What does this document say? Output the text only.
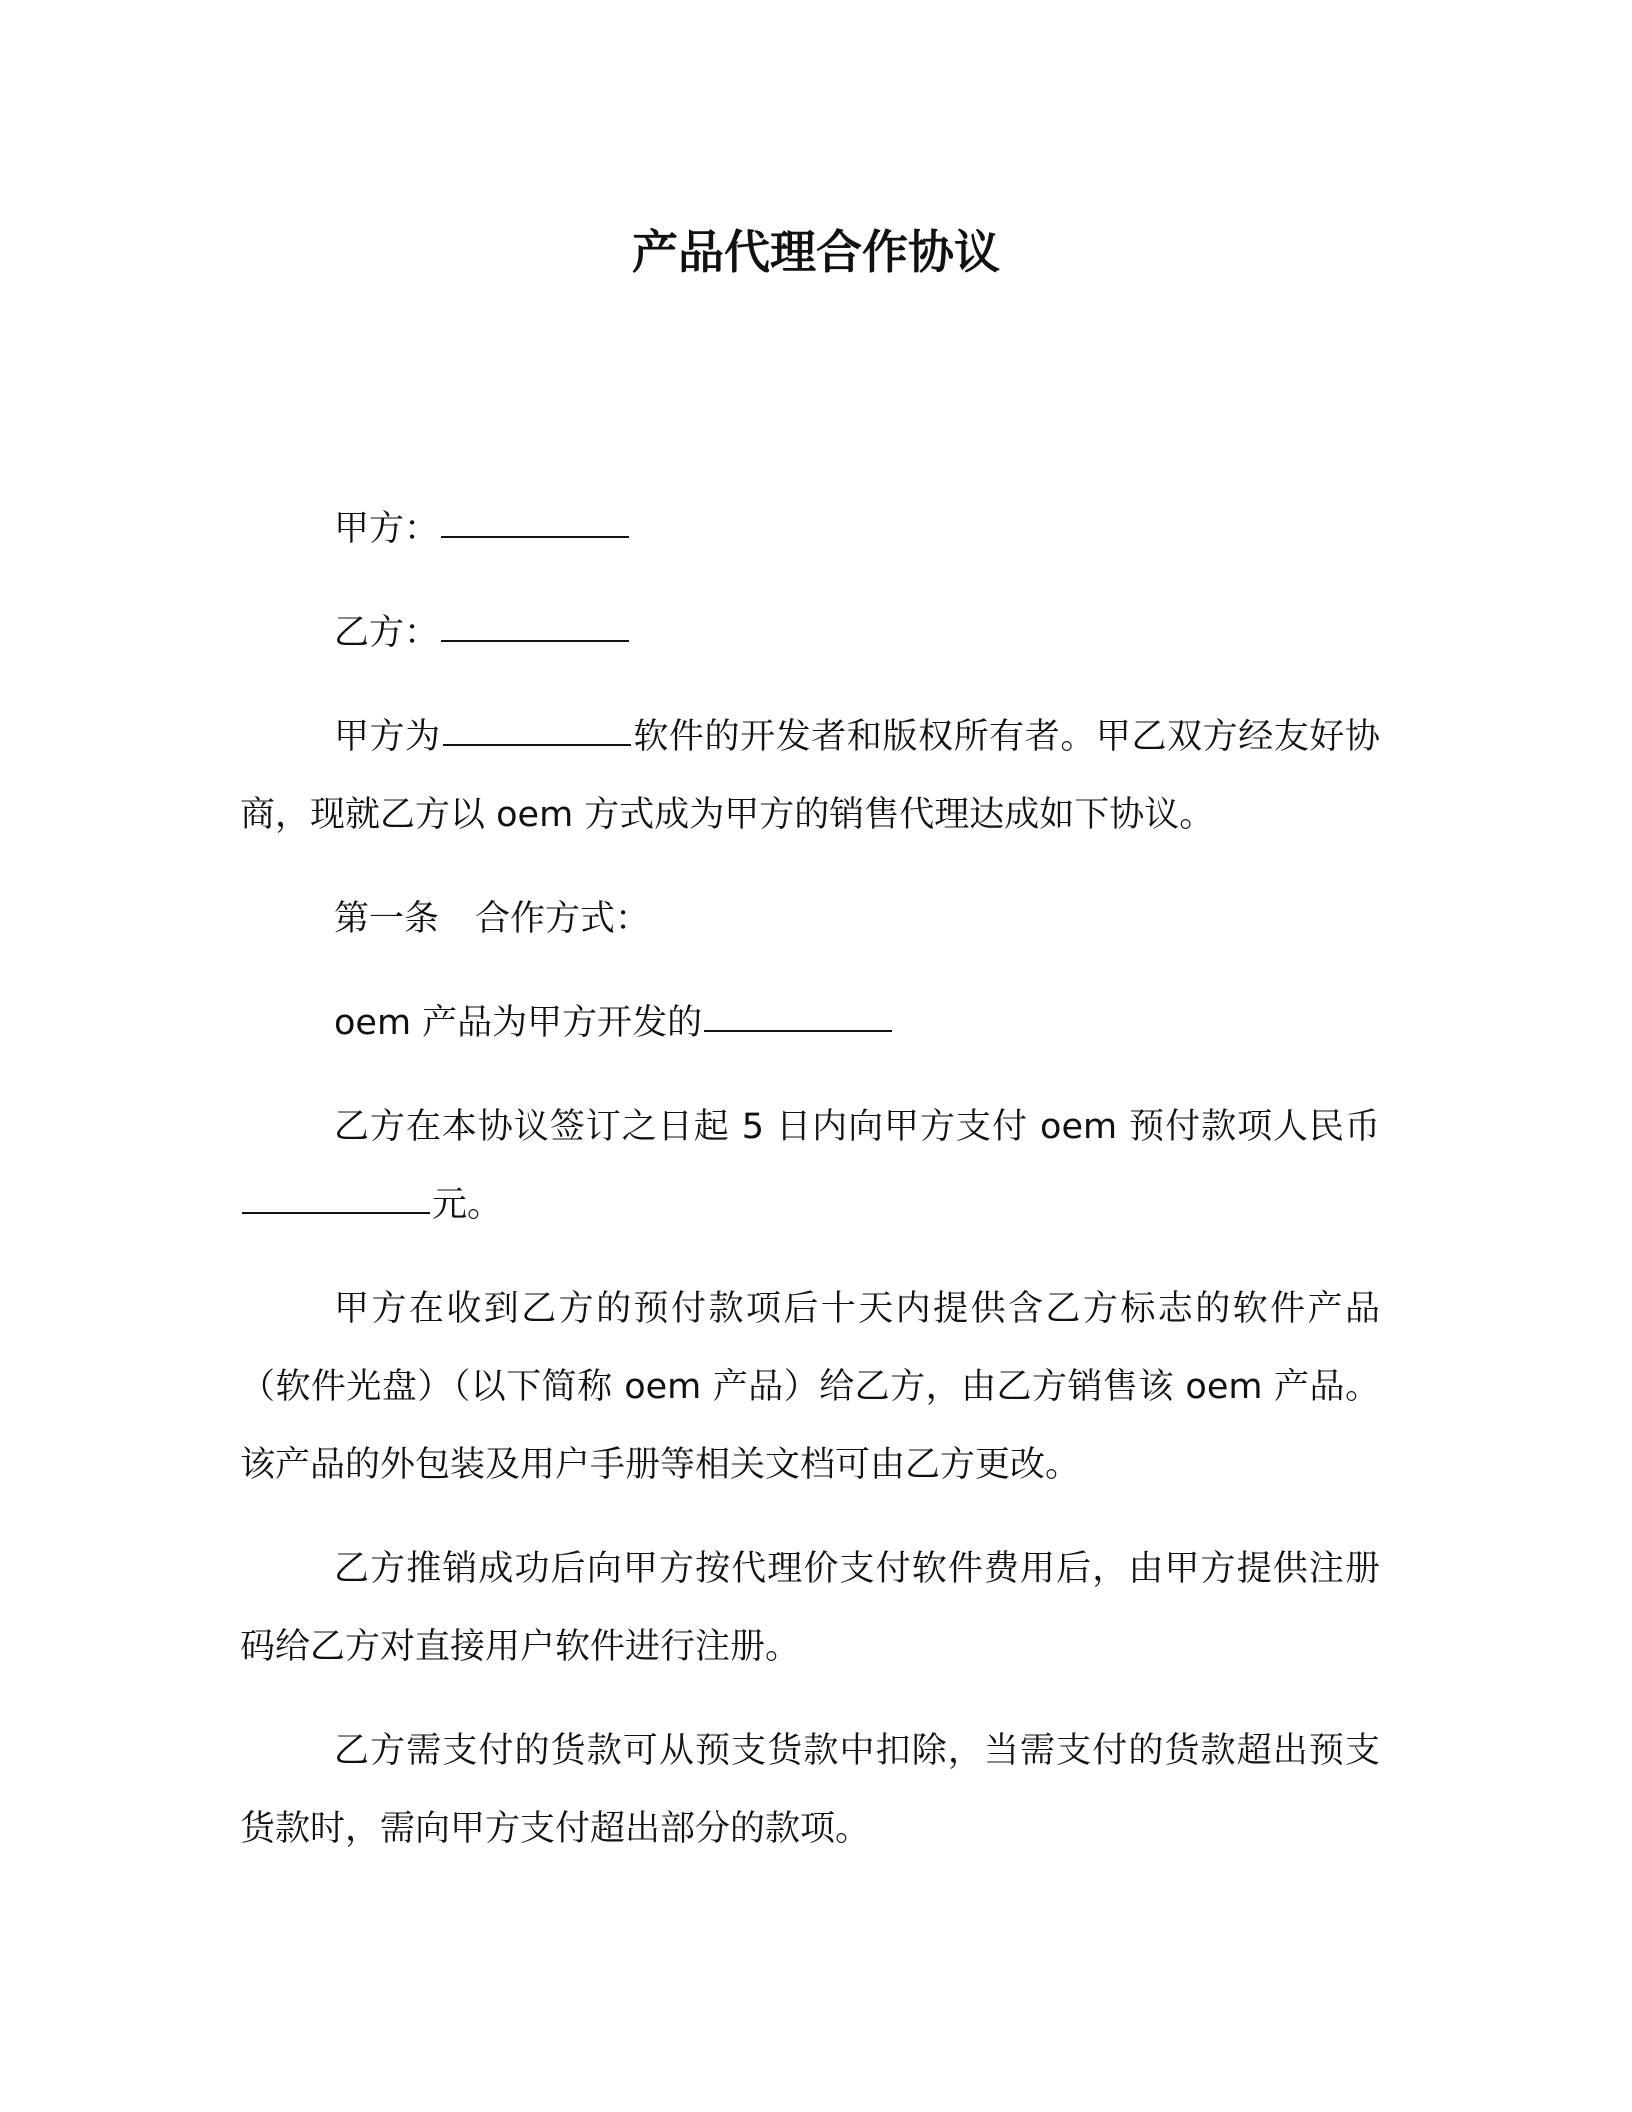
产品代理合作协议

甲方：

乙方：

甲方为	软件的开发者和版权所有者。甲乙双方经友好协商，现就乙方以 oem 方式成为甲方的销售代理达成如下协议。

第一条 合作方式：

oem 产品为甲方开发的

乙方在本协议签订之日起 5 日内向甲方支付 oem 预付款项人民币元。

甲方在收到乙方的预付款项后十天内提供含乙方标志的软件产品（软件光盘）（以下简称 oem 产品）给乙方，由乙方销售该 oem 产品。该产品的外包装及用户手册等相关文档可由乙方更改。

乙方推销成功后向甲方按代理价支付软件费用后，由甲方提供注册码给乙方对直接用户软件进行注册。

乙方需支付的货款可从预支货款中扣除，当需支付的货款超出预支货款时，需向甲方支付超出部分的款项。
